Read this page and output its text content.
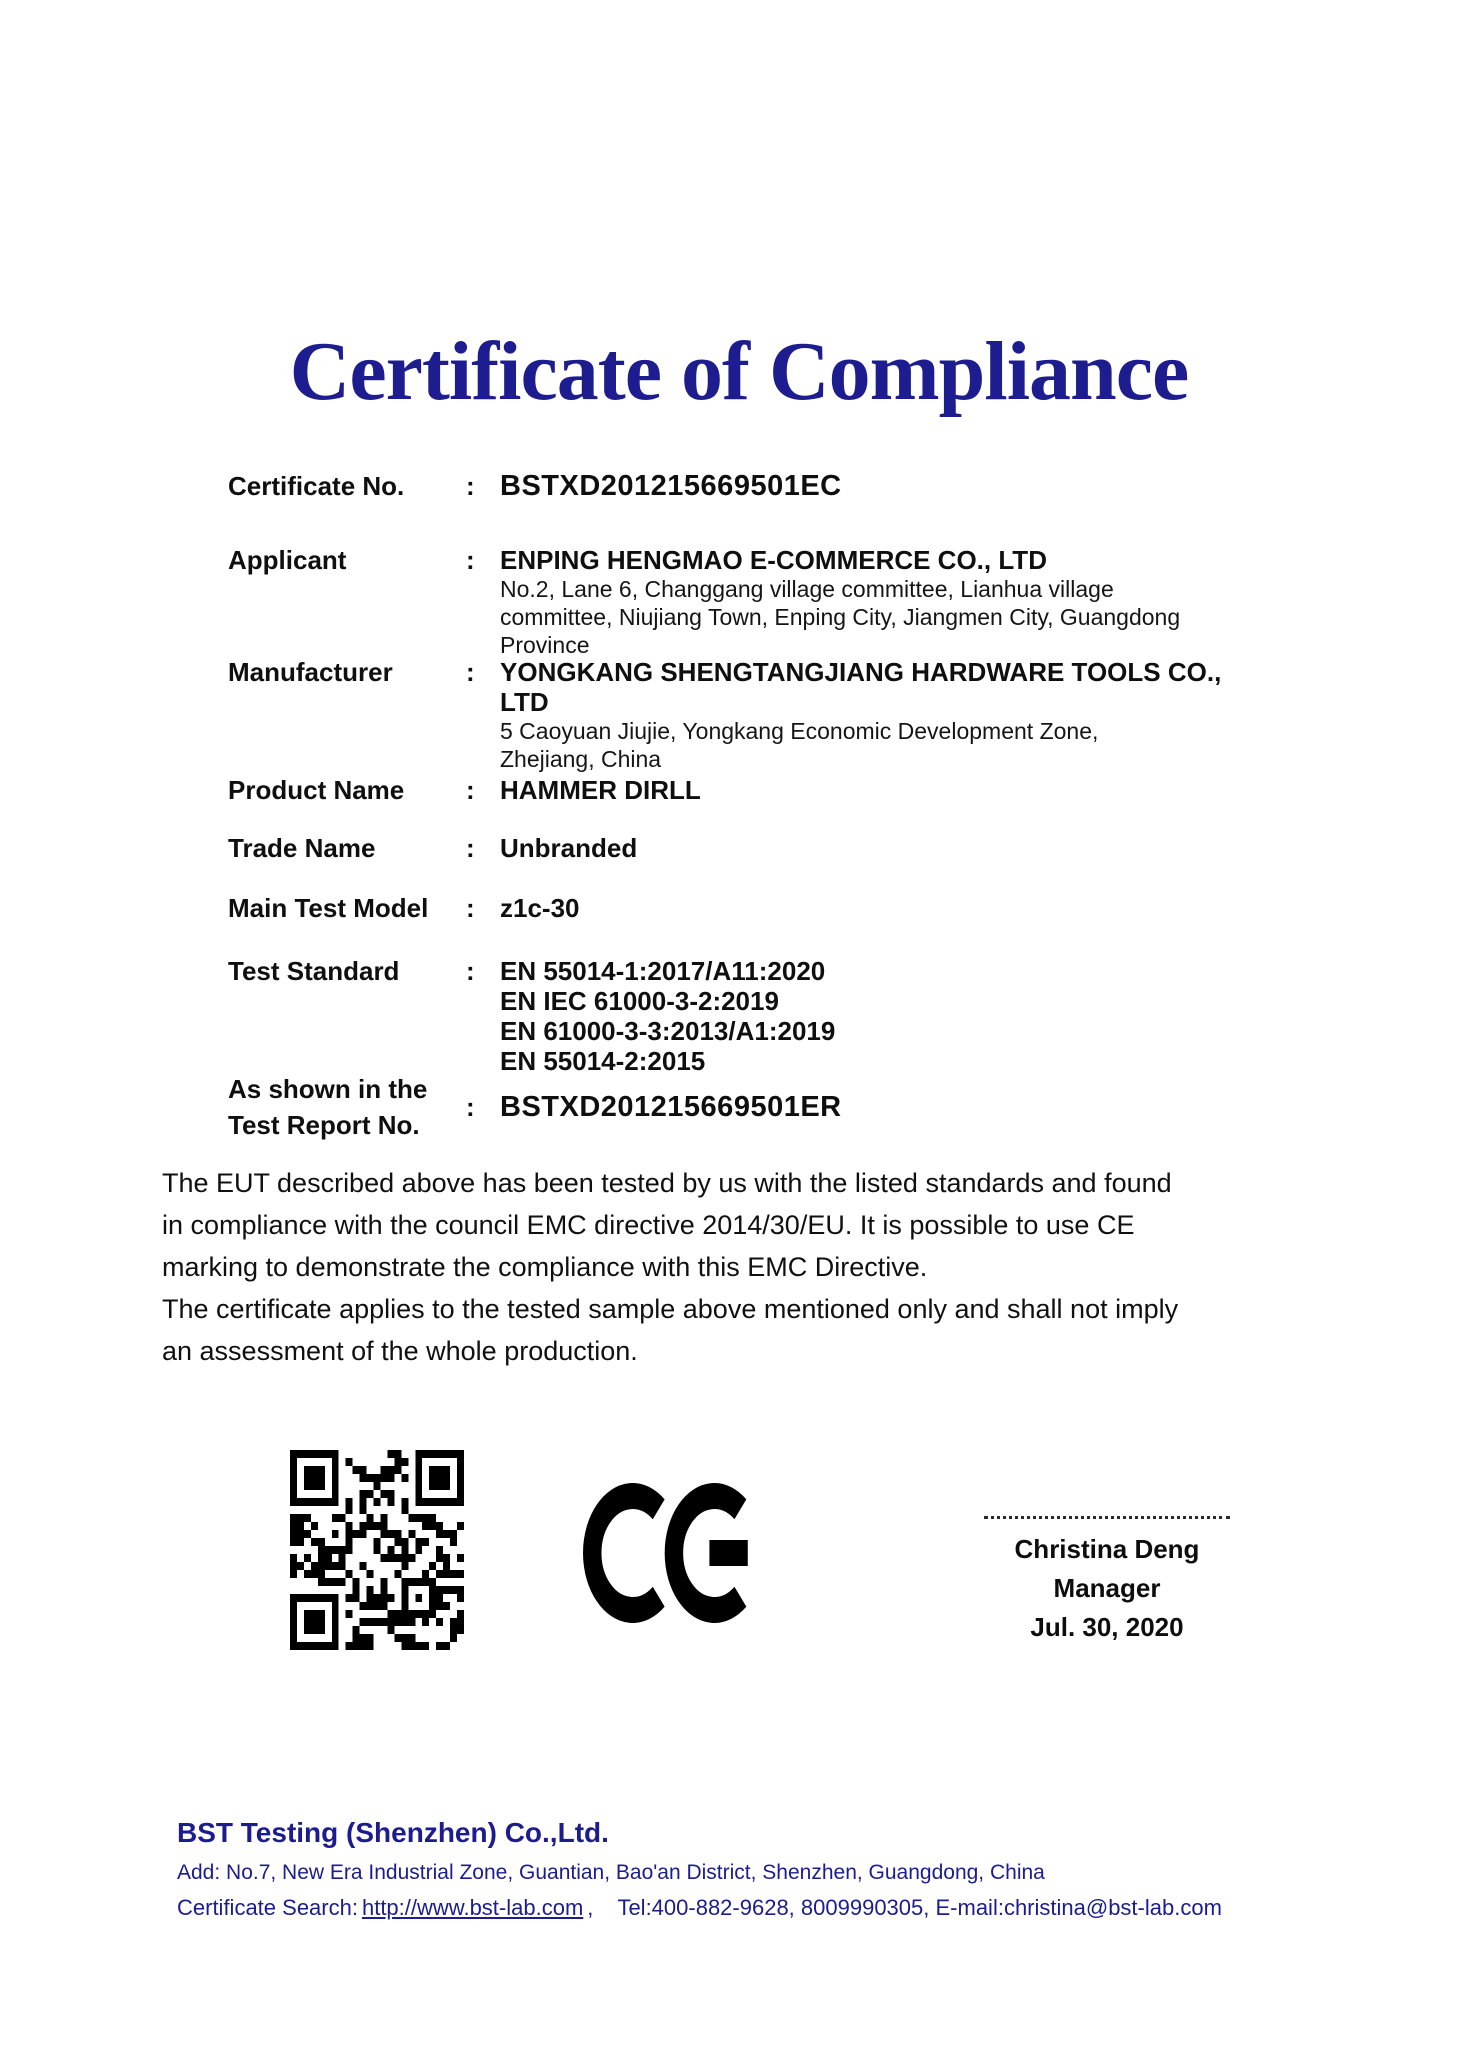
Certificate of Compliance
Certificate No.	: BSTXD201215669501EC
Applicant	: ENPING HENGMAO E-COMMERCE CO., LTD
No.2, Lane 6, Changgang village committee, Lianhua village
committee, Niujiang Town, Enping City, Jiangmen City, Guangdong
Province
Manufacturer	: YONGKANG SHENGTANGJIANG HARDWARE TOOLS CO.,
LTD
5 Caoyuan Jiujie, Yongkang Economic Development Zone,
Zhejiang, China
Product Name	: HAMMER DIRLL
Trade Name	: Unbranded
Main Test Model	: z1c-30
Test Standard	: EN 55014-1:2017/A11:2020
EN IEC 61000-3-2:2019
EN 61000-3-3:2013/A1:2019
EN 55014-2:2015
As shown in the
Test Report No.
: BSTXD201215669501ER
The EUT described above has been tested by us with the listed standards and found
in compliance with the council EMC directive 2014/30/EU. It is possible to use CE
marking to demonstrate the compliance with this EMC Directive.
The certificate applies to the tested sample above mentioned only and shall not imply
an assessment of the whole production.
Christina Deng
Manager
Jul. 30, 2020
BST Testing (Shenzhen) Co.,Ltd.
Add: No.7, New Era Industrial Zone, Guantian, Bao'an District, Shenzhen, Guangdong, China
Certificate Search: http://www.bst-lab.com ,    Tel:400-882-9628, 8009990305, E-mail:christina@bst-lab.com
